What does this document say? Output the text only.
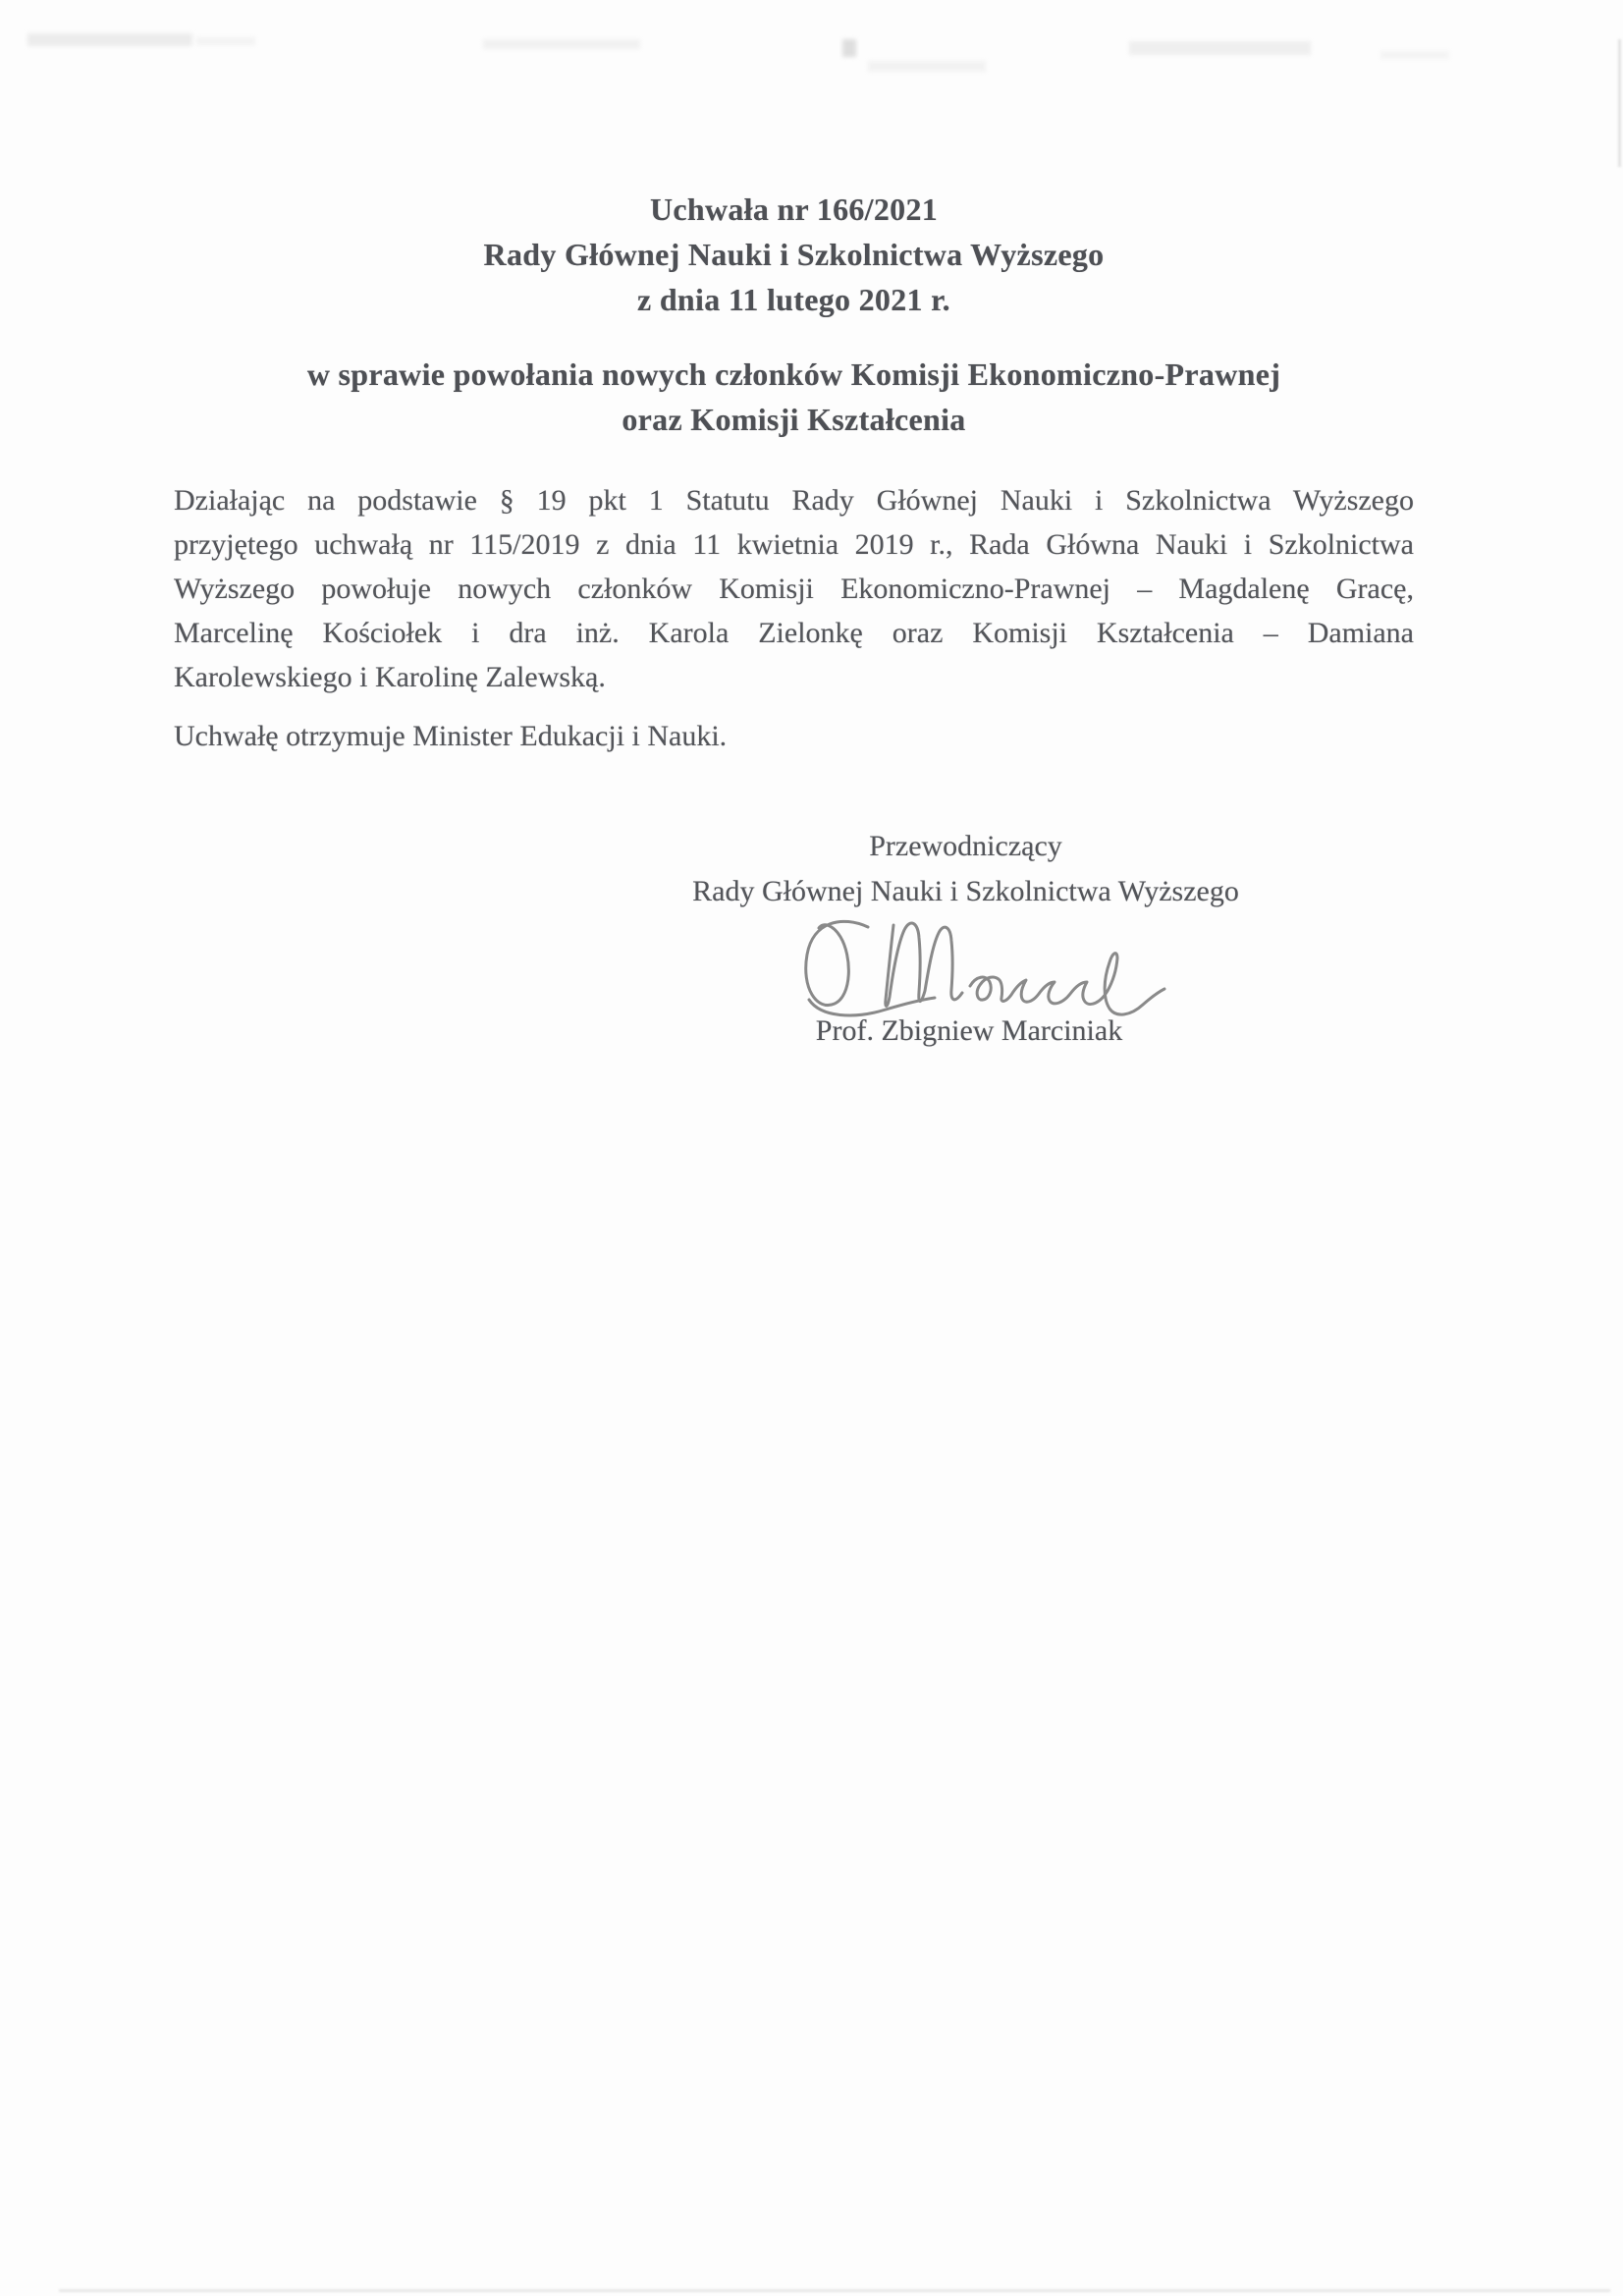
Uchwała nr 166/2021
Rady Głównej Nauki i Szkolnictwa Wyższego
z dnia 11 lutego 2021 r.
w sprawie powołania nowych członków Komisji Ekonomiczno-Prawnej
oraz Komisji Kształcenia
Działając na podstawie § 19 pkt 1 Statutu Rady Głównej Nauki i Szkolnictwa Wyższego
przyjętego uchwałą nr 115/2019 z dnia 11 kwietnia 2019 r., Rada Główna Nauki i Szkolnictwa
Wyższego powołuje nowych członków Komisji Ekonomiczno-Prawnej – Magdalenę Gracę,
Marcelinę Kościołek i dra inż. Karola Zielonkę oraz Komisji Kształcenia – Damiana
Karolewskiego i Karolinę Zalewską.
Uchwałę otrzymuje Minister Edukacji i Nauki.
Przewodniczący
Rady Głównej Nauki i Szkolnictwa Wyższego
Prof. Zbigniew Marciniak
